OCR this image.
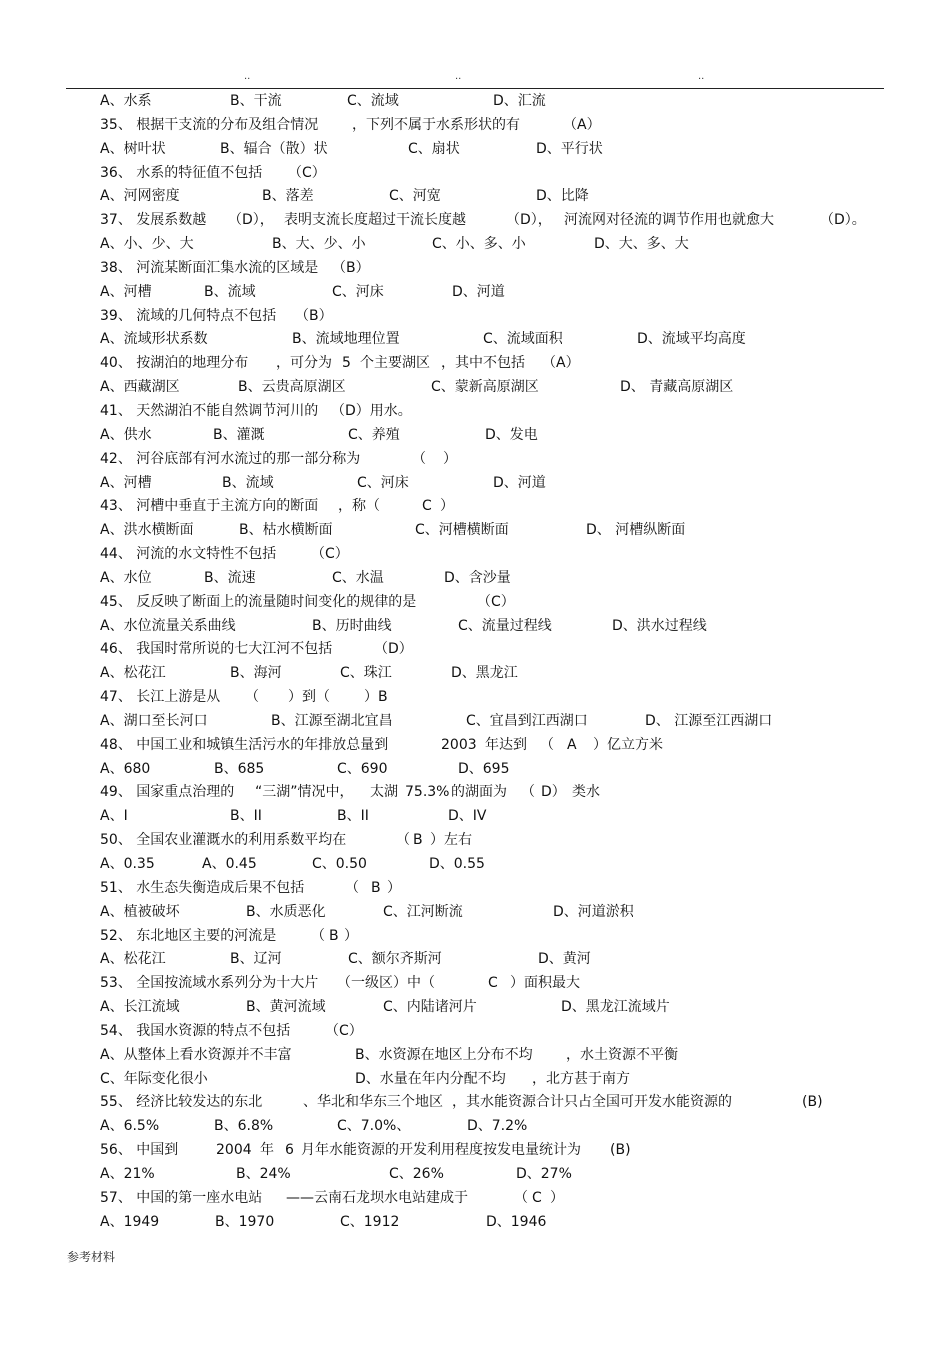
..	..	..
A、水系	B、干流	C、流域	D、汇流
35、 根据干支流的分布及组合情况 ，下列不属于水系形状的有	（A）
A、树叶状	B、辐合（散）状	C、扇状	D、平行状
36、 水系的特征值不包括 （C）
A、河网密度	B、落差	C、河宽	D、比降
37、 发展系数越 （D）， 表明支流长度超过干流长度越	（D）， 河流网对径流的调节作用也就愈大	（D）。
A、小、少、大	B、大、少、小	C、小、多、小	D、大、多、大
38、 河流某断面汇集水流的区域是 （B）
A、河槽	B、流域	C、河床	D、河道
39、 流域的几何特点不包括 （B）
A、流域形状系数	B、流域地理位置	C、流域面积	D、流域平均高度
40、 按湖泊的地理分布 ，可分为 5 个主要湖区 ，其中不包括 （A）
A、西藏湖区	B、云贵高原湖区	C、蒙新高原湖区	D、 青藏高原湖区
41、 天然湖泊不能自然调节河川的 （D）用水。
A、供水	B、灌溉	C、养殖	D、发电
42、 河谷底部有河水流过的那一部分称为	（ ）
A、河槽	B、流域	C、河床	D、河道
43、 河槽中垂直于主流方向的断面 ，称（	C ）
A、洪水横断面	B、枯水横断面	C、河槽横断面	D、 河槽纵断面
44、 河流的水文特性不包括 （C）
A、水位	B、流速	C、水温	D、含沙量
45、 反反映了断面上的流量随时间变化的规律的是	（C）
A、水位流量关系曲线	B、历时曲线	C、流量过程线	D、洪水过程线
46、 我国时常所说的七大江河不包括	（D）
A、松花江	B、海河	C、珠江	D、黑龙江
47、 长江上游是从 （ ）到（ ）B
A、湖口至长河口	B、江源至湖北宜昌	C、宜昌到江西湖口	D、 江源至江西湖口
48、 中国工业和城镇生活污水的年排放总量到	2003 年达到 （ A ）亿立方米
A、680	B、685	C、690	D、695
49、 国家重点治理的 “三湖”情况中， 太湖 75.3% 的湖面为 （ D） 类水
A、I	B、II	B、II	D、IV
50、 全国农业灌溉水的利用系数平均在	（ B ）左右
A、0.35	A、0.45	C、0.50	D、0.55
51、 水生态失衡造成后果不包括	（ B ）
A、植被破坏	B、水质恶化	C、江河断流	D、河道淤积
52、 东北地区主要的河流是 （ B ）
A、松花江	B、辽河	C、额尔齐斯河	D、黄河
53、 全国按流域水系列分为十大片 （一级区）中（	C ）面积最大
A、长江流域	B、黄河流域	C、内陆诸河片	D、黑龙江流域片
54、 我国水资源的特点不包括 （C）
A、从整体上看水资源并不丰富	B、水资源在地区上分布不均 ，水土资源不平衡
C、年际变化很小	D、水量在年内分配不均 ，北方甚于南方
55、 经济比较发达的东北	、华北和华东三个地区 ，其水能资源合计只占全国可开发水能资源的	(B)
A、6.5%	B、6.8%	C、7.0%、	D、7.2%
56、 中国到	2004 年 6 月年水能资源的开发利用程度按发电量统计为 (B)
A、21%	B、24%	C、26%	D、27%
57、 中国的第一座水电站 ——云南石龙坝水电站建成于	（ C ）
A、1949	B、1970	C、1912	D、1946
参考材料
